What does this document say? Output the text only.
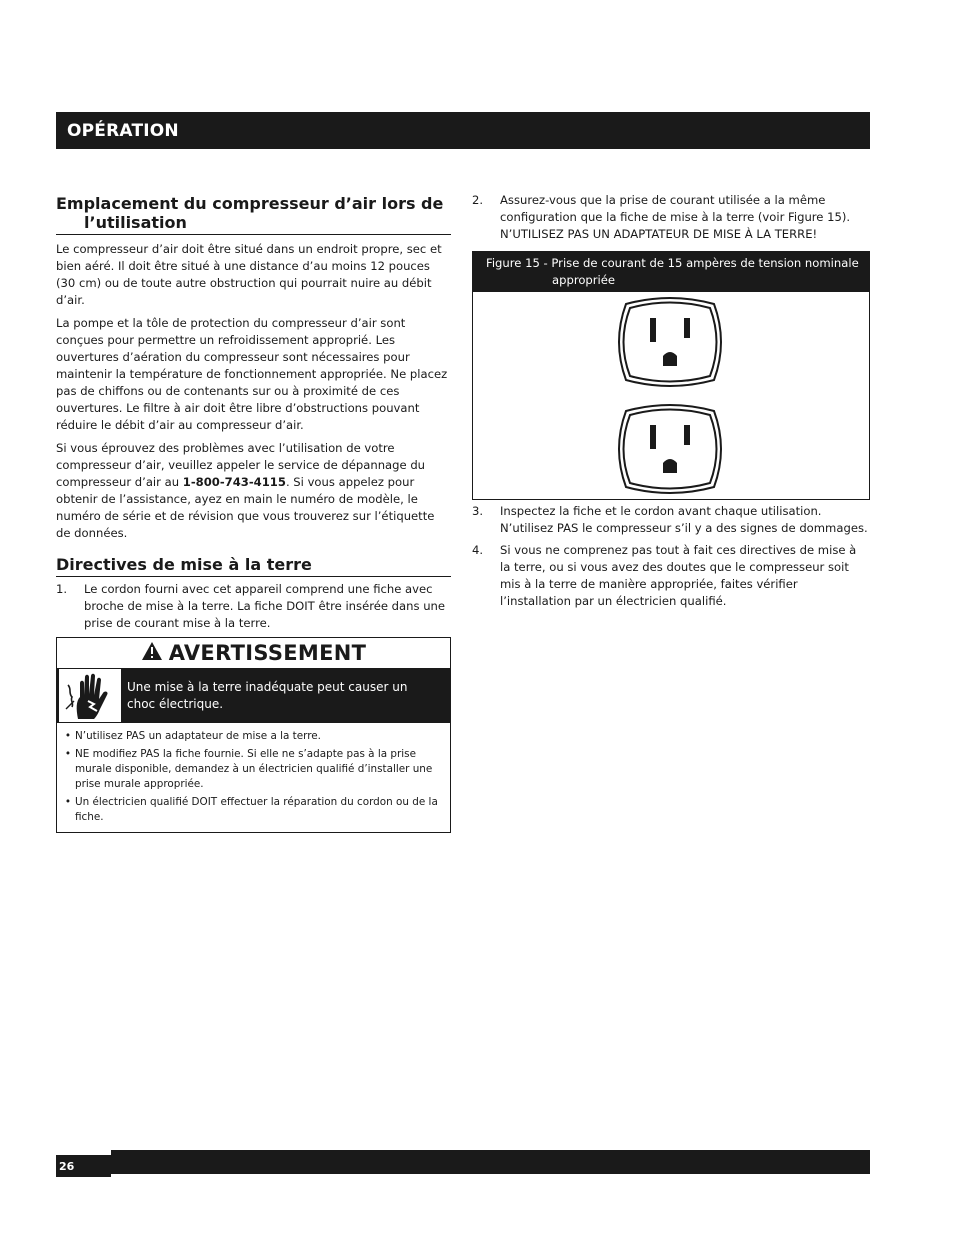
OPÉRATION
Emplacement du compresseur d’air lors de l’utilisation

Le compresseur d’air doit être situé dans un endroit propre, sec et bien aéré. Il doit être situé à une distance d’au moins 12 pouces (30 cm) ou de toute autre obstruction qui pourrait nuire au débit d’air.

La pompe et la tôle de protection du compresseur d’air sont conçues pour permettre un refroidissement approprié. Les ouvertures d’aération du compresseur sont nécessaires pour maintenir la température de fonctionnement appropriée. Ne placez pas de chiffons ou de contenants sur ou à proximité de ces ouvertures. Le filtre à air doit être libre d’obstructions pouvant réduire le débit d’air au compresseur d’air.

Si vous éprouvez des problèmes avec l’utilisation de votre compresseur d’air, veuillez appeler le service de dépannage du compresseur d’air au 1-800-743-4115. Si vous appelez pour obtenir de l’assistance, ayez en main le numéro de modèle, le numéro de série et de révision que vous trouverez sur l’étiquette de données.

Directives de mise à la terre
1.	Le cordon fourni avec cet appareil comprend une fiche avec broche de mise à la terre. La fiche DOIT être insérée dans une prise de courant mise à la terre.
AVERTISSEMENT
Une mise à la terre inadéquate peut causer un choc électrique.
• N’utilisez PAS un adaptateur de mise a la terre.
• NE modifiez PAS la fiche fournie. Si elle ne s’adapte pas à la prise murale disponible, demandez à un électricien qualifié d’installer une prise murale appropriée.
• Un électricien qualifié DOIT effectuer la réparation du cordon ou de la fiche.
2.	Assurez-vous que la prise de courant utilisée a la même configuration que la fiche de mise à la terre (voir Figure 15). N’UTILISEZ PAS UN ADAPTATEUR DE MISE À LA TERRE!
Figure 15 - Prise de courant de 15 ampères de tension nominale
appropriée
3.	Inspectez la fiche et le cordon avant chaque utilisation. N’utilisez PAS le compresseur s’il y a des signes de dommages.
4.	Si vous ne comprenez pas tout à fait ces directives de mise à la terre, ou si vous avez des doutes que le compresseur soit mis à la terre de manière appropriée, faites vérifier l’installation par un électricien qualifié.
26
